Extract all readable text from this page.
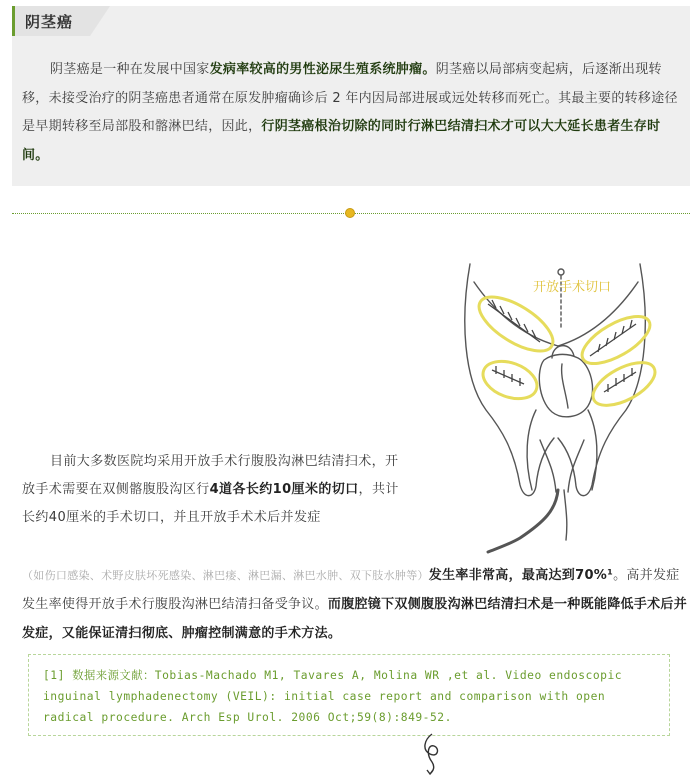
阴茎癌

阴茎癌是一种在发展中国家发病率较高的男性泌尿生殖系统肿瘤。阴茎癌以局部病变起病，后逐渐出现转移，未接受治疗的阴茎癌患者通常在原发肿瘤确诊后 2 年内因局部进展或远处转移而死亡。其最主要的转移途径是早期转移至局部股和髂淋巴结，因此，行阴茎癌根治切除的同时行淋巴结清扫术才可以大大延长患者生存时间。

开放手术切口

目前大多数医院均采用开放手术行腹股沟淋巴结清扫术，开放手术需要在双侧髂腹股沟区行4道各长约10厘米的切口，共计长约40厘米的手术切口，并且开放手术术后并发症

（如伤口感染、术野皮肤坏死感染、淋巴瘘、淋巴漏、淋巴水肿、双下肢水肿等）发生率非常高，最高达到70%¹。高并发症发生率使得开放手术行腹股沟淋巴结清扫备受争议。而腹腔镜下双侧腹股沟淋巴结清扫术是一种既能降低手术后并发症，又能保证清扫彻底、肿瘤控制满意的手术方法。

[1] 数据来源文献：Tobias-Machado M1, Tavares A, Molina WR ,et al. Video endoscopic inguinal lymphadenectomy (VEIL): initial case report and comparison with open radical procedure. Arch Esp Urol. 2006 Oct;59(8):849-52.
